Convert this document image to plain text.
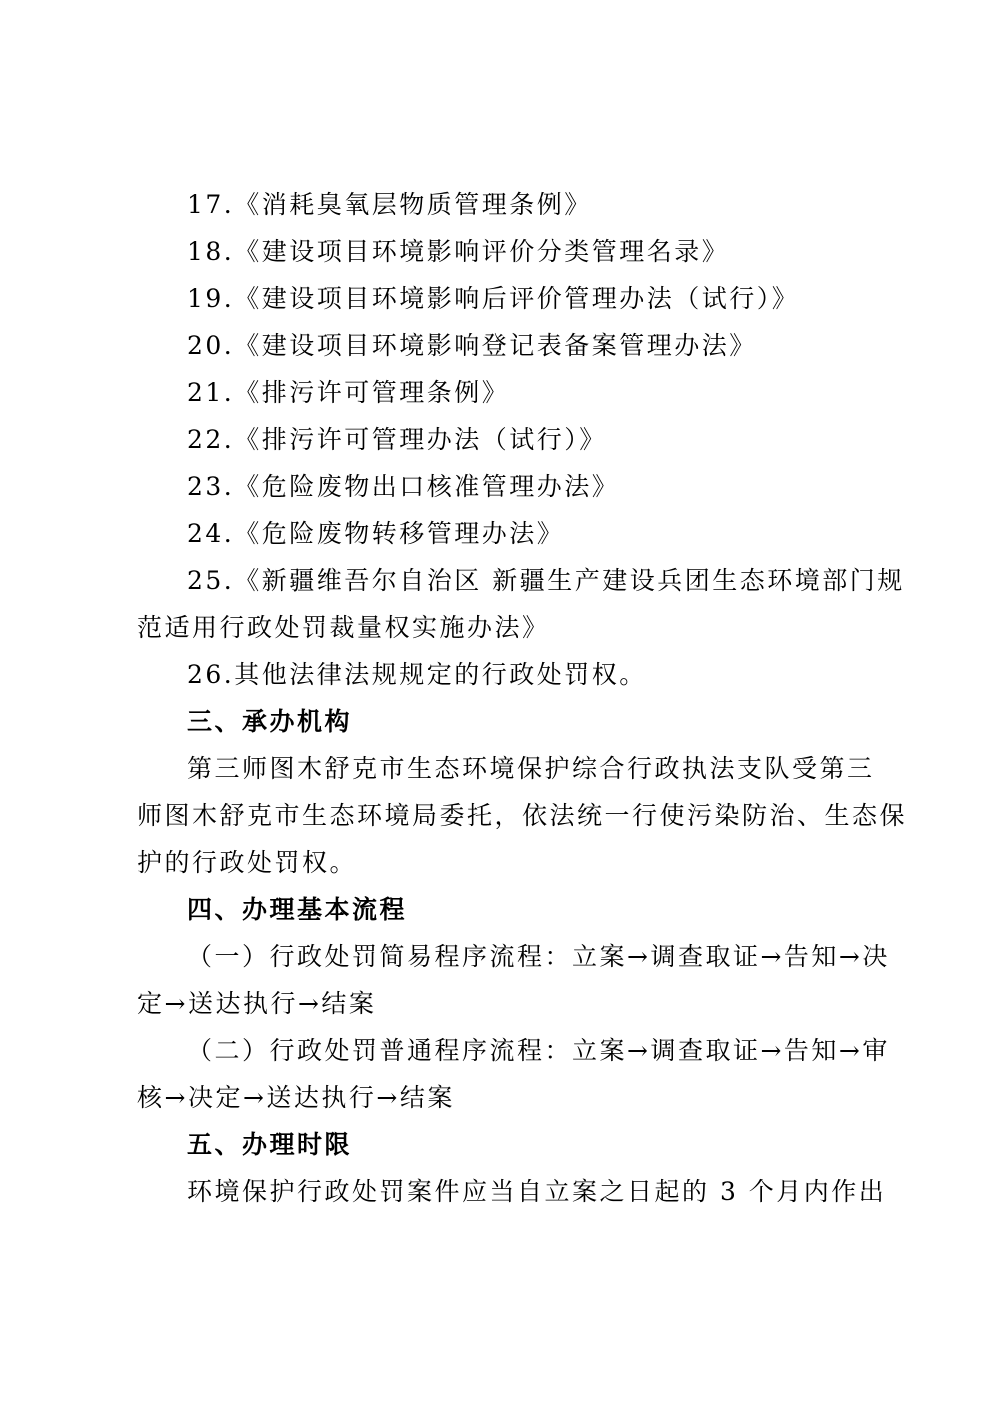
17.《消耗臭氧层物质管理条例》
18.《建设项目环境影响评价分类管理名录》
19.《建设项目环境影响后评价管理办法（试行）》
20.《建设项目环境影响登记表备案管理办法》
21.《排污许可管理条例》
22.《排污许可管理办法（试行）》
23.《危险废物出口核准管理办法》
24.《危险废物转移管理办法》
25.《新疆维吾尔自治区 新疆生产建设兵团生态环境部门规
范适用行政处罚裁量权实施办法》
26.其他法律法规规定的行政处罚权。
三、承办机构
第三师图木舒克市生态环境保护综合行政执法支队受第三
师图木舒克市生态环境局委托，依法统一行使污染防治、生态保
护的行政处罚权。
四、办理基本流程
（一）行政处罚简易程序流程：立案→调查取证→告知→决
定→送达执行→结案
（二）行政处罚普通程序流程：立案→调查取证→告知→审
核→决定→送达执行→结案
五、办理时限
环境保护行政处罚案件应当自立案之日起的 3 个月内作出
